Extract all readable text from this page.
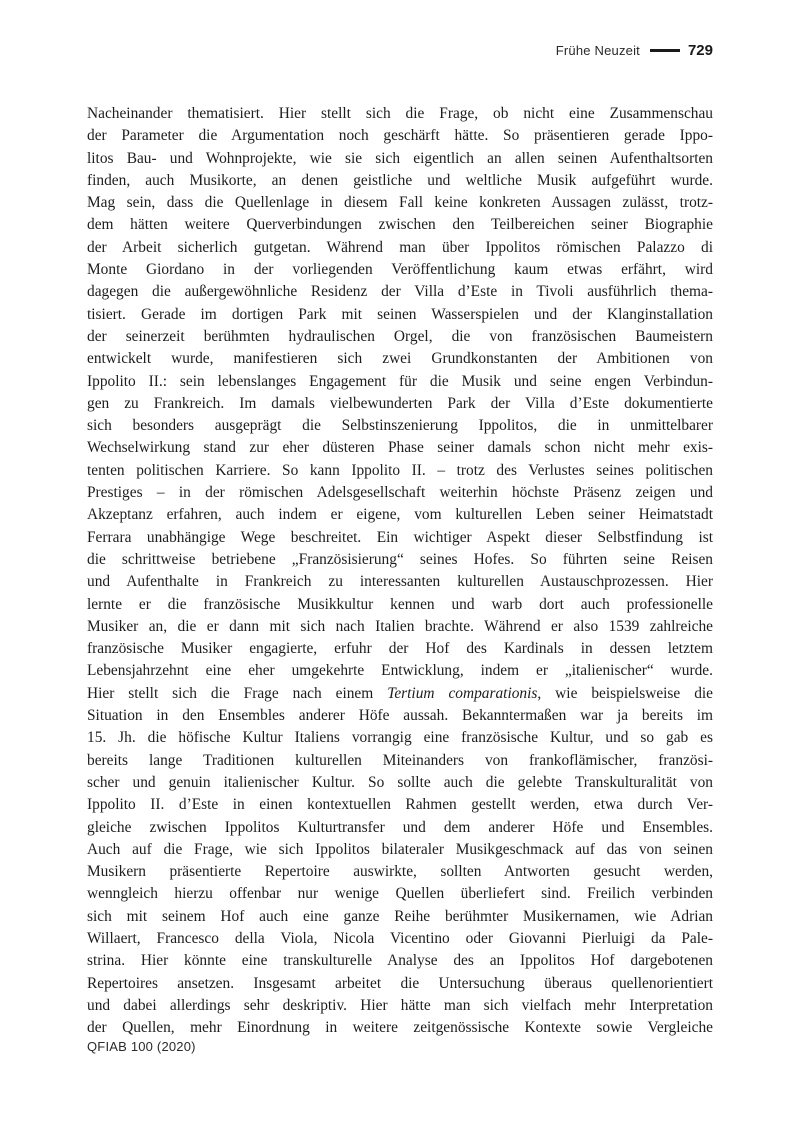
Frühe Neuzeit	729
Nacheinander thematisiert. Hier stellt sich die Frage, ob nicht eine Zusammenschau
der Parameter die Argumentation noch geschärft hätte. So präsentieren gerade Ippo-
litos Bau- und Wohnprojekte, wie sie sich eigentlich an allen seinen Aufenthaltsorten
finden, auch Musikorte, an denen geistliche und weltliche Musik aufgeführt wurde.
Mag sein, dass die Quellenlage in diesem Fall keine konkreten Aussagen zulässt, trotz-
dem hätten weitere Querverbindungen zwischen den Teilbereichen seiner Biographie
der Arbeit sicherlich gutgetan. Während man über Ippolitos römischen Palazzo di
Monte Giordano in der vorliegenden Veröffentlichung kaum etwas erfährt, wird
dagegen die außergewöhnliche Residenz der Villa d’Este in Tivoli ausführlich thema-
tisiert. Gerade im dortigen Park mit seinen Wasserspielen und der Klanginstallation
der seinerzeit berühmten hydraulischen Orgel, die von französischen Baumeistern
entwickelt wurde, manifestieren sich zwei Grundkonstanten der Ambitionen von
Ippolito II.: sein lebenslanges Engagement für die Musik und seine engen Verbindun-
gen zu Frankreich. Im damals vielbewunderten Park der Villa d’Este dokumentierte
sich besonders ausgeprägt die Selbstinszenierung Ippolitos, die in unmittelbarer
Wechselwirkung stand zur eher düsteren Phase seiner damals schon nicht mehr exis-
tenten politischen Karriere. So kann Ippolito II. – trotz des Verlustes seines politischen
Prestiges – in der römischen Adelsgesellschaft weiterhin höchste Präsenz zeigen und
Akzeptanz erfahren, auch indem er eigene, vom kulturellen Leben seiner Heimatstadt
Ferrara unabhängige Wege beschreitet. Ein wichtiger Aspekt dieser Selbstfindung ist
die schrittweise betriebene „Französisierung“ seines Hofes. So führten seine Reisen
und Aufenthalte in Frankreich zu interessanten kulturellen Austauschprozessen. Hier
lernte er die französische Musikkultur kennen und warb dort auch professionelle
Musiker an, die er dann mit sich nach Italien brachte. Während er also 1539 zahlreiche
französische Musiker engagierte, erfuhr der Hof des Kardinals in dessen letztem
Lebensjahrzehnt eine eher umgekehrte Entwicklung, indem er „italienischer“ wurde.
Hier stellt sich die Frage nach einem Tertium comparationis, wie beispielsweise die
Situation in den Ensembles anderer Höfe aussah. Bekanntermaßen war ja bereits im
15. Jh. die höfische Kultur Italiens vorrangig eine französische Kultur, und so gab es
bereits lange Traditionen kulturellen Miteinanders von frankoflämischer, französi-
scher und genuin italienischer Kultur. So sollte auch die gelebte Transkulturalität von
Ippolito II. d’Este in einen kontextuellen Rahmen gestellt werden, etwa durch Ver-
gleiche zwischen Ippolitos Kulturtransfer und dem anderer Höfe und Ensembles.
Auch auf die Frage, wie sich Ippolitos bilateraler Musikgeschmack auf das von seinen
Musikern präsentierte Repertoire auswirkte, sollten Antworten gesucht werden,
wenngleich hierzu offenbar nur wenige Quellen überliefert sind. Freilich verbinden
sich mit seinem Hof auch eine ganze Reihe berühmter Musikernamen, wie Adrian
Willaert, Francesco della Viola, Nicola Vicentino oder Giovanni Pierluigi da Pale-
strina. Hier könnte eine transkulturelle Analyse des an Ippolitos Hof dargebotenen
Repertoires ansetzen. Insgesamt arbeitet die Untersuchung überaus quellenorientiert
und dabei allerdings sehr deskriptiv. Hier hätte man sich vielfach mehr Interpretation
der Quellen, mehr Einordnung in weitere zeitgenössische Kontexte sowie Vergleiche
QFIAB 100 (2020)
